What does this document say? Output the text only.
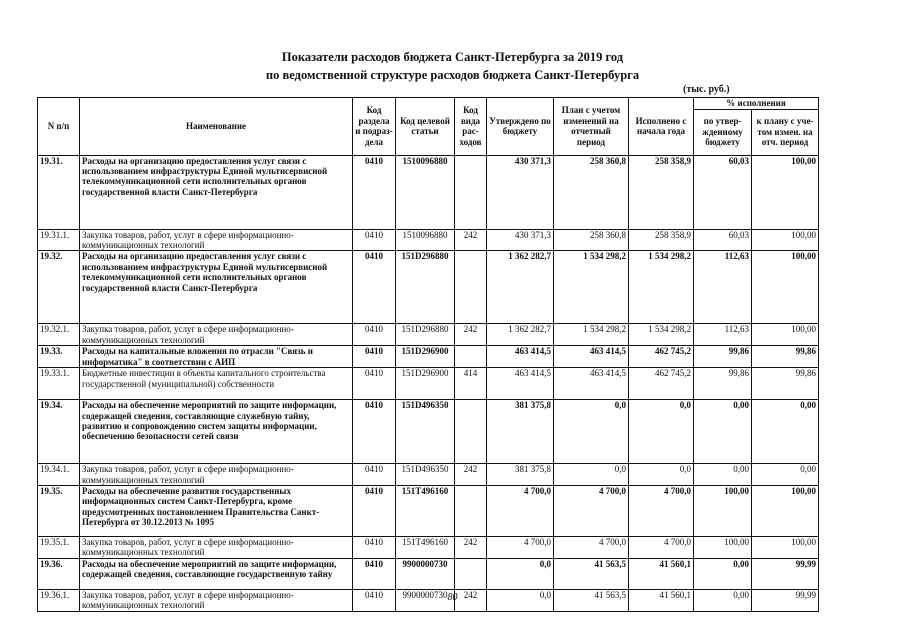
Показатели расходов бюджета Санкт-Петербурга за 2019 год
по ведомственной структуре расходов бюджета Санкт-Петербурга
(тыс. руб.)
N п/п	Наименование	Код раздела и подраз- дела	Код целевой статьи	Код вида рас- ходов	Утверждено по бюджету	План с учетом изменений на отчетный период	Исполнено с начала года	% исполнения	
								по утвер- жденному бюджету	к плану с уче- том измен. на отч. период
19.31.	Расходы на организацию предоставления услуг связи с использованием инфраструктуры Единой мультисервисной телекоммуникационной сети исполнительных органов государственной власти Санкт-Петербурга	0410	1510096880		430 371,3	258 360,8	258 358,9	60,03	100,00
19.31.1.	Закупка товаров, работ, услуг в сфере информационно-коммуникационных технологий	0410	1510096880	242	430 371,3	258 360,8	258 358,9	60,03	100,00
19.32.	Расходы на организацию предоставления услуг связи с использованием инфраструктуры Единой мультисервисной телекоммуникационной сети исполнительных органов государственной власти Санкт-Петербурга	0410	151D296880		1 362 282,7	1 534 298,2	1 534 298,2	112,63	100,00
19.32.1.	Закупка товаров, работ, услуг в сфере информационно-коммуникационных технологий	0410	151D296880	242	1 362 282,7	1 534 298,2	1 534 298,2	112,63	100,00
19.33.	Расходы на капитальные вложения по отрасли "Связь и информатика" в соответствии с АИП	0410	151D296900		463 414,5	463 414,5	462 745,2	99,86	99,86
19.33.1.	Бюджетные инвестиции в объекты капитального строительства государственной (муниципальной) собственности	0410	151D296900	414	463 414,5	463 414,5	462 745,2	99,86	99,86
19.34.	Расходы на обеспечение мероприятий по защите информации, содержащей сведения, составляющие служебную тайну, развитию и сопровождению систем защиты информации, обеспечению безопасности сетей связи	0410	151D496350		381 375,8	0,0	0,0	0,00	0,00
19.34.1.	Закупка товаров, работ, услуг в сфере информационно-коммуникационных технологий	0410	151D496350	242	381 375,8	0,0	0,0	0,00	0,00
19.35.	Расходы на обеспечение развития государственных информационных систем Санкт-Петербурга, кроме предусмотренных постановлением Правительства Санкт-Петербурга от 30.12.2013 № 1095	0410	151T496160		4 700,0	4 700,0	4 700,0	100,00	100,00
19.35.1.	Закупка товаров, работ, услуг в сфере информационно-коммуникационных технологий	0410	151T496160	242	4 700,0	4 700,0	4 700,0	100,00	100,00
19.36.	Расходы на обеспечение мероприятий по защите информации, содержащей сведения, составляющие государственную тайну	0410	9900000730		0,0	41 563,5	41 560,1	0,00	99,99
19.36.1.	Закупка товаров, работ, услуг в сфере информационно-коммуникационных технологий	0410	9900000730	242	0,0	41 563,5	41 560,1	0,00	99,99
80
